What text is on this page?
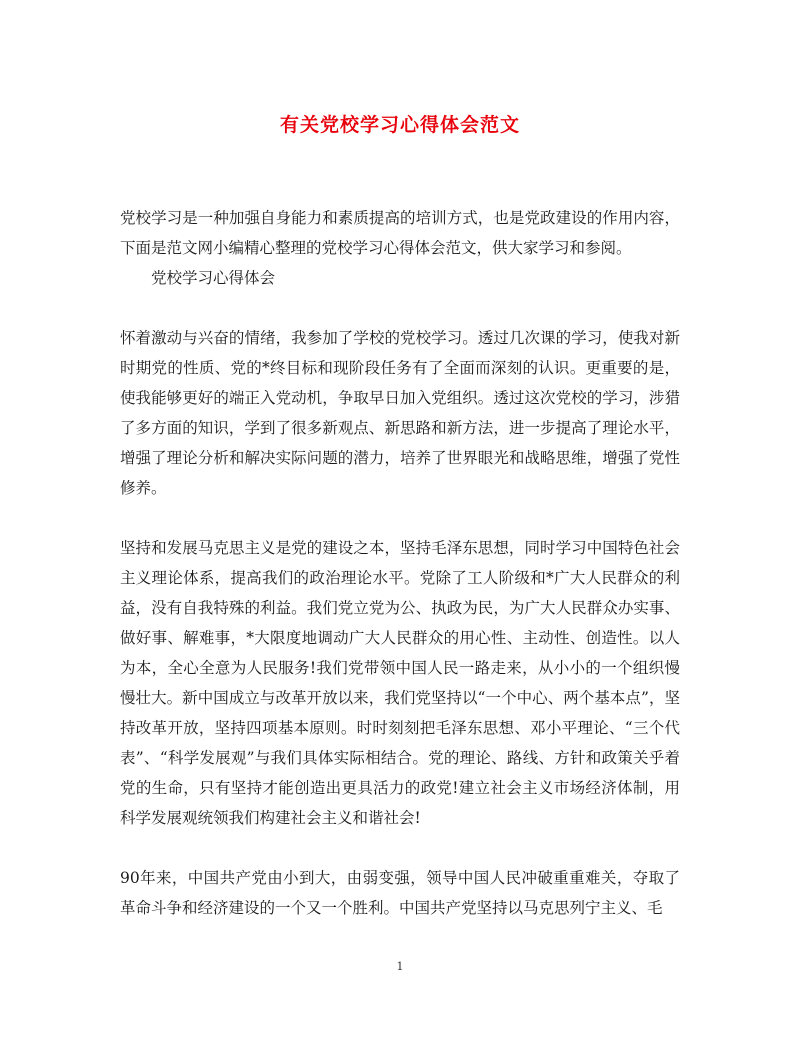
有关党校学习心得体会范文

党校学习是一种加强自身能力和素质提高的培训方式，也是党政建设的作用内容，下面是范文网小编精心整理的党校学习心得体会范文，供大家学习和参阅。

党校学习心得体会

怀着激动与兴奋的情绪，我参加了学校的党校学习。透过几次课的学习，使我对新时期党的性质、党的*终目标和现阶段任务有了全面而深刻的认识。更重要的是，使我能够更好的端正入党动机，争取早日加入党组织。透过这次党校的学习，涉猎了多方面的知识，学到了很多新观点、新思路和新方法，进一步提高了理论水平，增强了理论分析和解决实际问题的潜力，培养了世界眼光和战略思维，增强了党性修养。

坚持和发展马克思主义是党的建设之本，坚持毛泽东思想，同时学习中国特色社会主义理论体系，提高我们的政治理论水平。党除了工人阶级和*广大人民群众的利益，没有自我特殊的利益。我们党立党为公、执政为民，为广大人民群众办实事、做好事、解难事，*大限度地调动广大人民群众的用心性、主动性、创造性。以人为本，全心全意为人民服务!我们党带领中国人民一路走来，从小小的一个组织慢慢壮大。新中国成立与改革开放以来，我们党坚持以“一个中心、两个基本点”，坚持改革开放，坚持四项基本原则。时时刻刻把毛泽东思想、邓小平理论、“三个代表”、“科学发展观”与我们具体实际相结合。党的理论、路线、方针和政策关乎着党的生命，只有坚持才能创造出更具活力的政党!建立社会主义市场经济体制，用科学发展观统领我们构建社会主义和谐社会!

90年来，中国共产党由小到大，由弱变强，领导中国人民冲破重重难关，夺取了革命斗争和经济建设的一个又一个胜利。中国共产党坚持以马克思列宁主义、毛

1
